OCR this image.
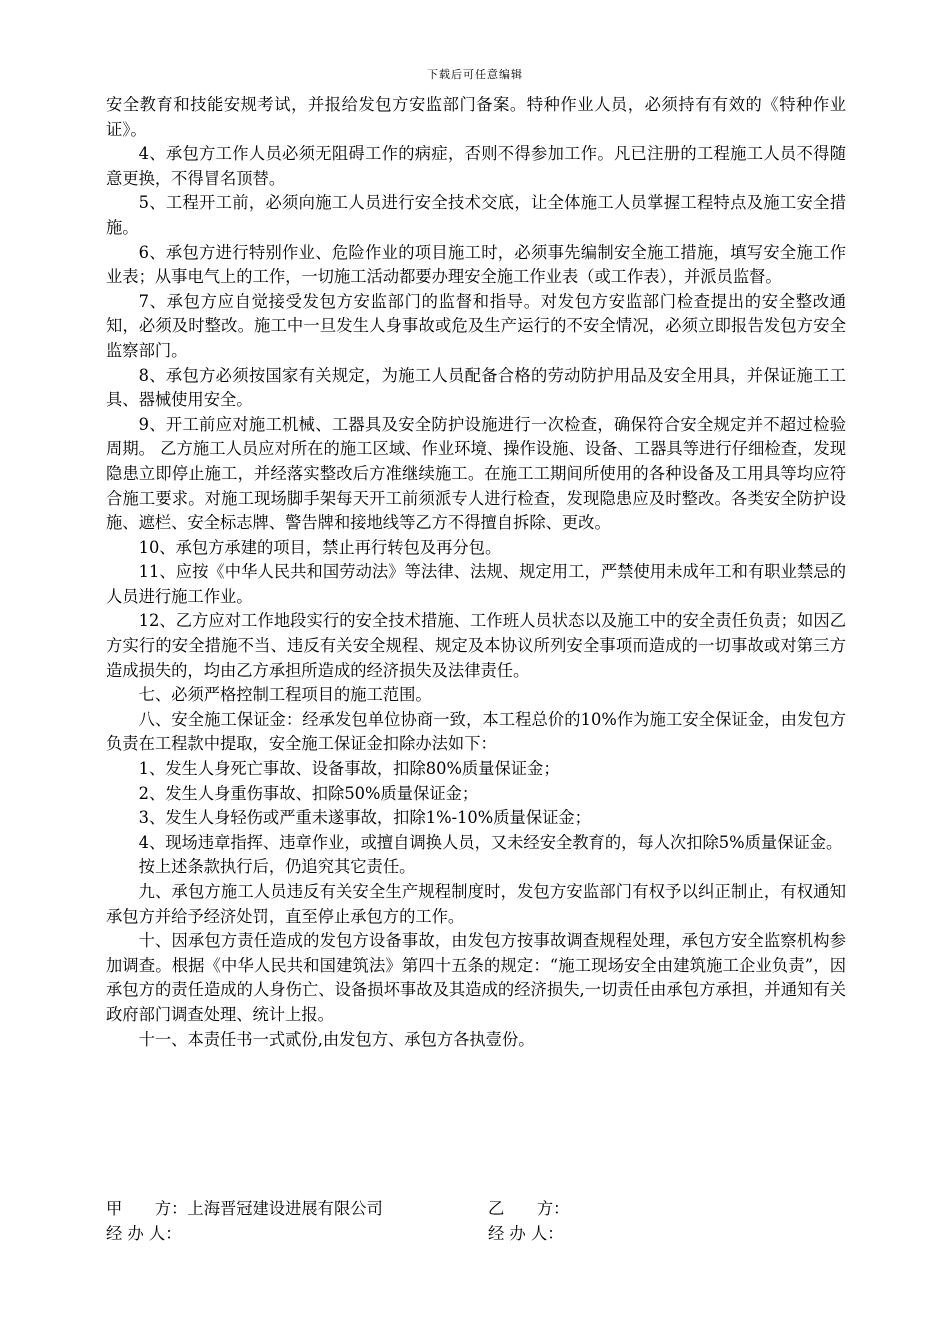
下载后可任意编辑

安全教育和技能安规考试，并报给发包方安监部门备案。特种作业人员，必须持有有效的《特种作业证》。

4、承包方工作人员必须无阻碍工作的病症，否则不得参加工作。凡已注册的工程施工人员不得随意更换，不得冒名顶替。

5、工程开工前，必须向施工人员进行安全技术交底，让全体施工人员掌握工程特点及施工安全措施。

6、承包方进行特别作业、危险作业的项目施工时，必须事先编制安全施工措施，填写安全施工作业表；从事电气上的工作，一切施工活动都要办理安全施工作业表（或工作表），并派员监督。

7、承包方应自觉接受发包方安监部门的监督和指导。对发包方安监部门检查提出的安全整改通知，必须及时整改。施工中一旦发生人身事故或危及生产运行的不安全情况，必须立即报告发包方安全监察部门。

8、承包方必须按国家有关规定，为施工人员配备合格的劳动防护用品及安全用具，并保证施工工具、器械使用安全。

9、开工前应对施工机械、工器具及安全防护设施进行一次检查，确保符合安全规定并不超过检验周期。 乙方施工人员应对所在的施工区域、作业环境、操作设施、设备、工器具等进行仔细检查，发现隐患立即停止施工，并经落实整改后方准继续施工。在施工工期间所使用的各种设备及工用具等均应符合施工要求。对施工现场脚手架每天开工前须派专人进行检查，发现隐患应及时整改。各类安全防护设施、遮栏、安全标志牌、警告牌和接地线等乙方不得擅自拆除、更改。

10、承包方承建的项目，禁止再行转包及再分包。

11、应按《中华人民共和国劳动法》等法律、法规、规定用工，严禁使用未成年工和有职业禁忌的人员进行施工作业。

12、乙方应对工作地段实行的安全技术措施、工作班人员状态以及施工中的安全责任负责；如因乙方实行的安全措施不当、违反有关安全规程、规定及本协议所列安全事项而造成的一切事故或对第三方造成损失的，均由乙方承担所造成的经济损失及法律责任。

七、必须严格控制工程项目的施工范围。

八、安全施工保证金：经承发包单位协商一致，本工程总价的10%作为施工安全保证金，由发包方负责在工程款中提取，安全施工保证金扣除办法如下：

1、发生人身死亡事故、设备事故，扣除80%质量保证金；

2、发生人身重伤事故、扣除50%质量保证金；

3、发生人身轻伤或严重未遂事故，扣除1%-10%质量保证金；

4、现场违章指挥、违章作业，或擅自调换人员，又未经安全教育的，每人次扣除5%质量保证金。

按上述条款执行后，仍追究其它责任。

九、承包方施工人员违反有关安全生产规程制度时，发包方安监部门有权予以纠正制止，有权通知承包方并给予经济处罚，直至停止承包方的工作。

十、因承包方责任造成的发包方设备事故，由发包方按事故调查规程处理，承包方安全监察机构参加调查。根据《中华人民共和国建筑法》第四十五条的规定：“施工现场安全由建筑施工企业负责”，因承包方的责任造成的人身伤亡、设备损坏事故及其造成的经济损失,一切责任由承包方承担，并通知有关政府部门调查处理、统计上报。

十一、本责任书一式贰份,由发包方、承包方各执壹份。

甲　　方：上海晋冠建设进展有限公司	乙　　方：
经 办 人：	经 办 人：
